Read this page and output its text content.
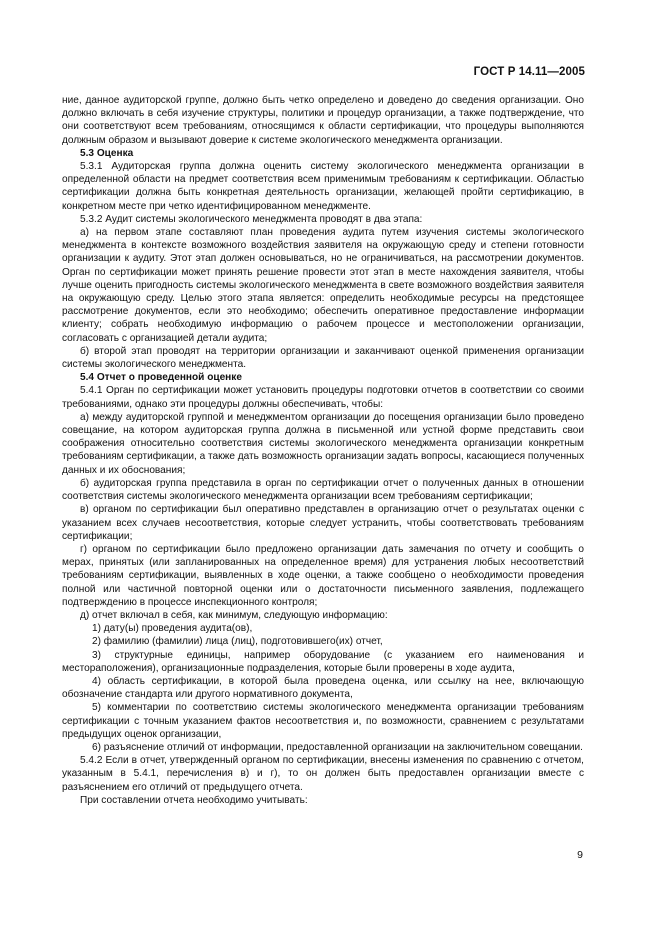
ГОСТ Р 14.11—2005

ние, данное аудиторской группе, должно быть четко определено и доведено до сведения организации. Оно должно включать в себя изучение структуры, политики и процедур организации, а также подтверждение, что они соответствуют всем требованиям, относящимся к области сертификации, что процедуры выполняются должным образом и вызывают доверие к системе экологического менеджмента организации.

5.3 Оценка

5.3.1 Аудиторская группа должна оценить систему экологического менеджмента организации в определенной области на предмет соответствия всем применимым требованиям к сертификации. Областью сертификации должна быть конкретная деятельность организации, желающей пройти сертификацию, в конкретном месте при четко идентифицированном менеджменте.

5.3.2 Аудит системы экологического менеджмента проводят в два этапа:

а) на первом этапе составляют план проведения аудита путем изучения системы экологического менеджмента в контексте возможного воздействия заявителя на окружающую среду и степени готовности организации к аудиту. Этот этап должен основываться, но не ограничиваться, на рассмотрении документов. Орган по сертификации может принять решение провести этот этап в месте нахождения заявителя, чтобы лучше оценить пригодность системы экологического менеджмента в свете возможного воздействия заявителя на окружающую среду. Целью этого этапа является: определить необходимые ресурсы на предстоящее рассмотрение документов, если это необходимо; обеспечить оперативное предоставление информации клиенту; собрать необходимую информацию о рабочем процессе и местоположении организации, согласовать с организацией детали аудита;

б) второй этап проводят на территории организации и заканчивают оценкой применения организации системы экологического менеджмента.

5.4 Отчет о проведенной оценке

5.4.1 Орган по сертификации может установить процедуры подготовки отчетов в соответствии со своими требованиями, однако эти процедуры должны обеспечивать, чтобы:

а) между аудиторской группой и менеджментом организации до посещения организации было проведено совещание, на котором аудиторская группа должна в письменной или устной форме представить свои соображения относительно соответствия системы экологического менеджмента организации конкретным требованиям сертификации, а также дать возможность организации задать вопросы, касающиеся полученных данных и их обоснования;

б) аудиторская группа представила в орган по сертификации отчет о полученных данных в отношении соответствия системы экологического менеджмента организации всем требованиям сертификации;

в) органом по сертификации был оперативно представлен в организацию отчет о результатах оценки с указанием всех случаев несоответствия, которые следует устранить, чтобы соответствовать требованиям сертификации;

г) органом по сертификации было предложено организации дать замечания по отчету и сообщить о мерах, принятых (или запланированных на определенное время) для устранения любых несоответствий требованиям сертификации, выявленных в ходе оценки, а также сообщено о необходимости проведения полной или частичной повторной оценки или о достаточности письменного заявления, подлежащего подтверждению в процессе инспекционного контроля;

д) отчет включал в себя, как минимум, следующую информацию:

1) дату(ы) проведения аудита(ов),

2) фамилию (фамилии) лица (лиц), подготовившего(их) отчет,

3) структурные единицы, например оборудование (с указанием его наименования и местораположения), организационные подразделения, которые были проверены в ходе аудита,

4) область сертификации, в которой была проведена оценка, или ссылку на нее, включающую обозначение стандарта или другого нормативного документа,

5) комментарии по соответствию системы экологического менеджмента организации требованиям сертификации с точным указанием фактов несоответствия и, по возможности, сравнением с результатами предыдущих оценок организации,

6) разъяснение отличий от информации, предоставленной организации на заключительном совещании.

5.4.2 Если в отчет, утвержденный органом по сертификации, внесены изменения по сравнению с отчетом, указанным в 5.4.1, перечисления в) и г), то он должен быть предоставлен организации вместе с разъяснением его отличий от предыдущего отчета.

При составлении отчета необходимо учитывать:

9
